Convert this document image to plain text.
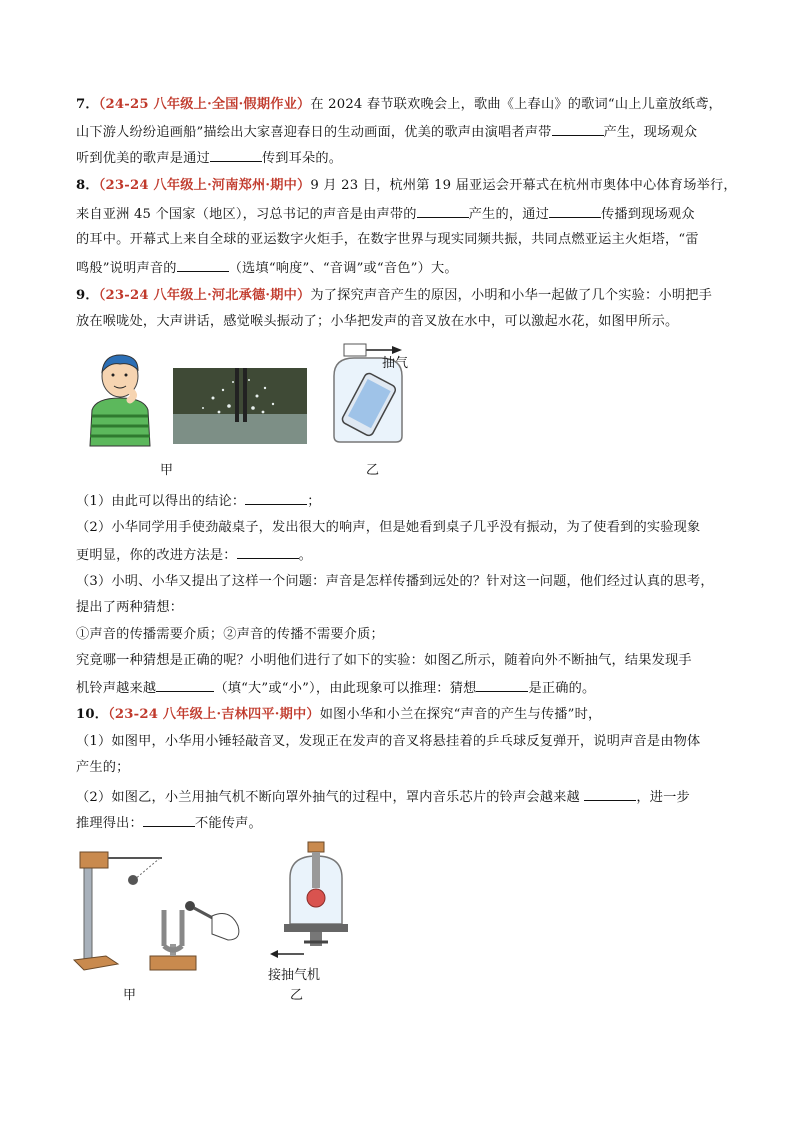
7．（24-25 八年级上·全国·假期作业）在 2024 春节联欢晚会上，歌曲《上春山》的歌词“山上儿童放纸鸢，
山下游人纷纷追画船”描绘出大家喜迎春日的生动画面，优美的歌声由演唱者声带	产生，现场观众
听到优美的歌声是通过	传到耳朵的。
8．（23-24 八年级上·河南郑州·期中）9 月 23 日，杭州第 19 届亚运会开幕式在杭州市奥体中心体育场举行，
来自亚洲 45 个国家（地区），习总书记的声音是由声带的	产生的，通过	传播到现场观众
的耳中。开幕式上来自全球的亚运数字火炬手，在数字世界与现实同频共振，共同点燃亚运主火炬塔，“雷
鸣般”说明声音的	（选填“响度”、“音调”或“音色”）大。
9．（23-24 八年级上·河北承德·期中）为了探究声音产生的原因，小明和小华一起做了几个实验：小明把手
放在喉咙处，大声讲话，感觉喉头振动了；小华把发声的音叉放在水中，可以激起水花，如图甲所示。
抽气
甲	乙
（1）由此可以得出的结论：	；
（2）小华同学用手使劲敲桌子，发出很大的响声，但是她看到桌子几乎没有振动，为了使看到的实验现象
更明显，你的改进方法是：	。
（3）小明、小华又提出了这样一个问题：声音是怎样传播到远处的？针对这一问题，他们经过认真的思考，
提出了两种猜想：
①声音的传播需要介质；②声音的传播不需要介质；
究竟哪一种猜想是正确的呢？小明他们进行了如下的实验：如图乙所示，随着向外不断抽气，结果发现手
机铃声越来越	（填“大”或“小”），由此现象可以推理：猜想	是正确的。
10．（23-24 八年级上·吉林四平·期中）如图小华和小兰在探究“声音的产生与传播”时，
（1）如图甲，小华用小锤轻敲音叉，发现正在发声的音叉将悬挂着的乒乓球反复弹开，说明声音是由物体
产生的；
（2）如图乙，小兰用抽气机不断向罩外抽气的过程中，罩内音乐芯片的铃声会越来越	，进一步
推理得出：	不能传声。
接抽气机
甲	乙
